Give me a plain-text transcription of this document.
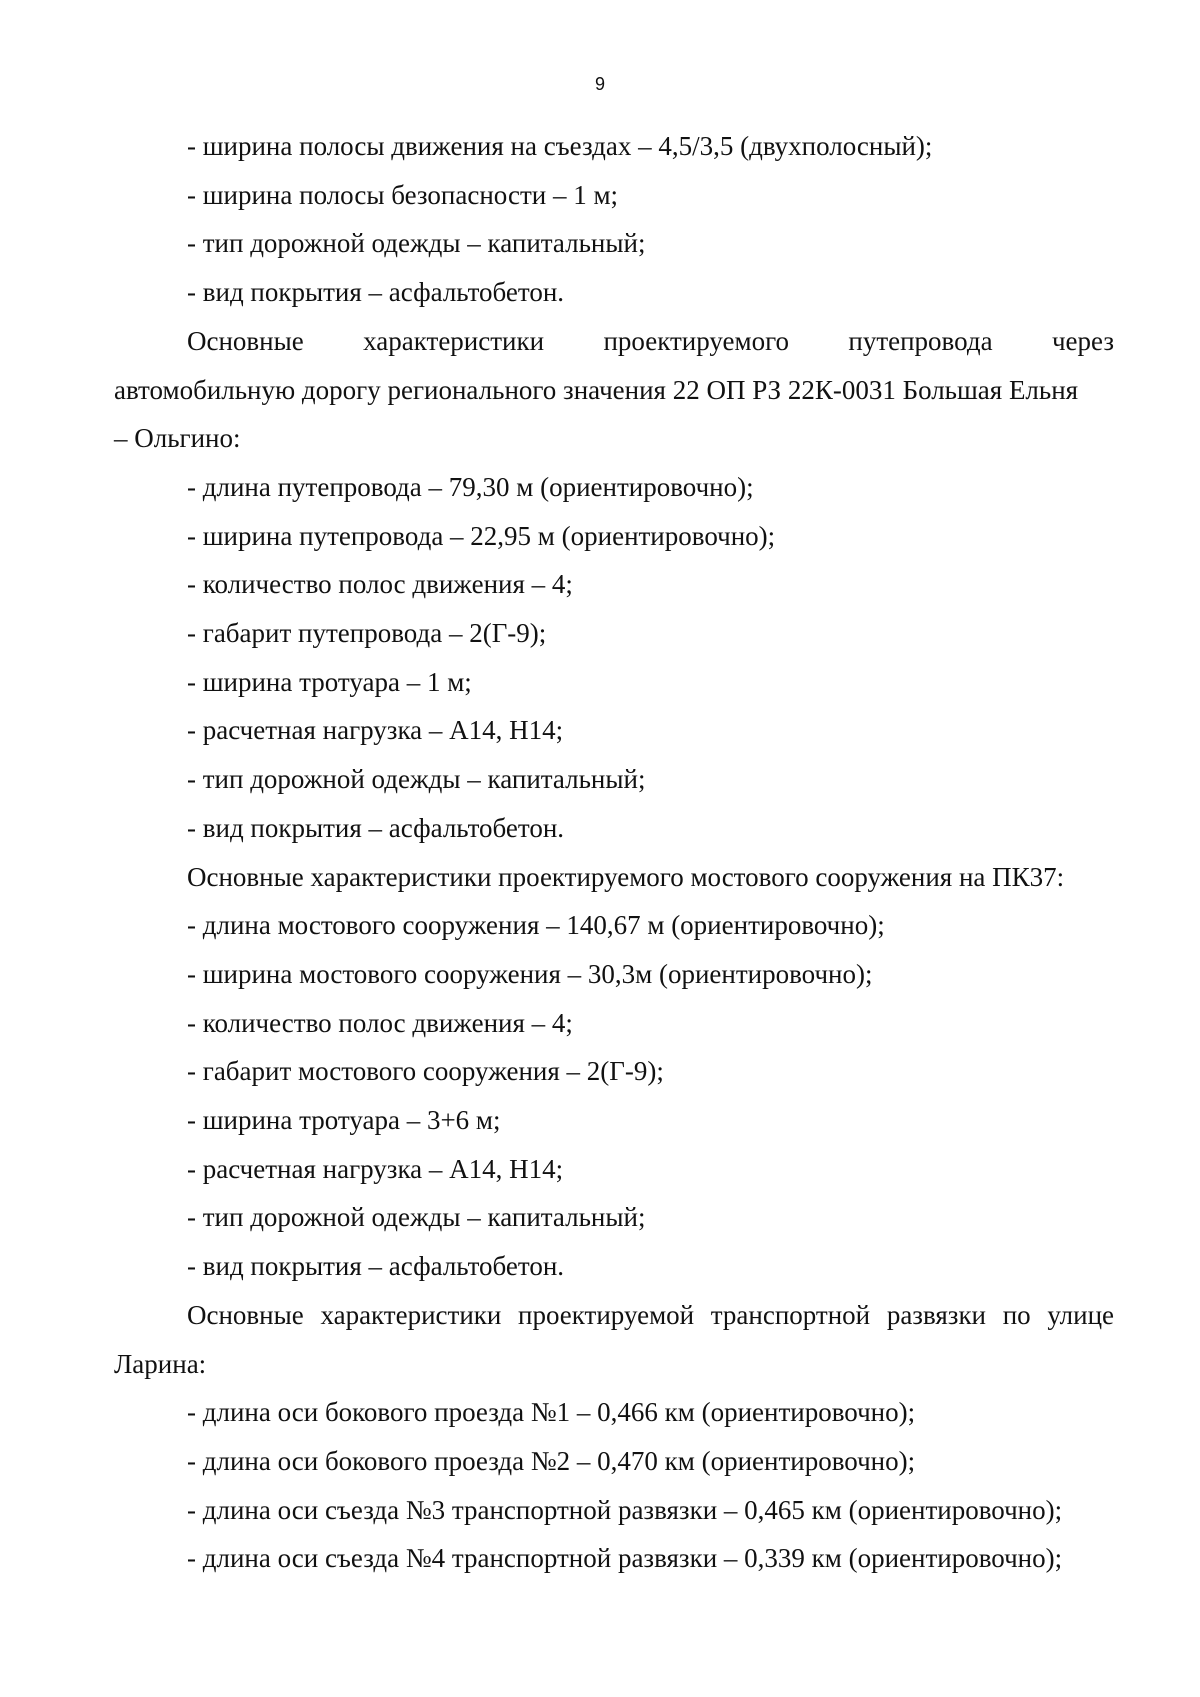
9
- ширина полосы движения на съездах – 4,5/3,5 (двухполосный);
- ширина полосы безопасности – 1 м;
- тип дорожной одежды – капитальный;
- вид покрытия – асфальтобетон.
Основные характеристики проектируемого путепровода через
автомобильную дорогу регионального значения 22 ОП РЗ 22К-0031 Большая Ельня
– Ольгино:
- длина путепровода – 79,30 м (ориентировочно);
- ширина путепровода – 22,95 м (ориентировочно);
- количество полос движения – 4;
- габарит путепровода – 2(Г-9);
- ширина тротуара – 1 м;
- расчетная нагрузка – А14, Н14;
- тип дорожной одежды – капитальный;
- вид покрытия – асфальтобетон.
Основные характеристики проектируемого мостового сооружения на ПК37:
- длина мостового сооружения – 140,67 м (ориентировочно);
- ширина мостового сооружения – 30,3м (ориентировочно);
- количество полос движения – 4;
- габарит мостового сооружения – 2(Г-9);
- ширина тротуара – 3+6 м;
- расчетная нагрузка – А14, Н14;
- тип дорожной одежды – капитальный;
- вид покрытия – асфальтобетон.
Основные характеристики проектируемой транспортной развязки по улице
Ларина:
- длина оси бокового проезда №1 – 0,466 км (ориентировочно);
- длина оси бокового проезда №2 – 0,470 км (ориентировочно);
- длина оси съезда №3 транспортной развязки – 0,465 км (ориентировочно);
- длина оси съезда №4 транспортной развязки – 0,339 км (ориентировочно);
